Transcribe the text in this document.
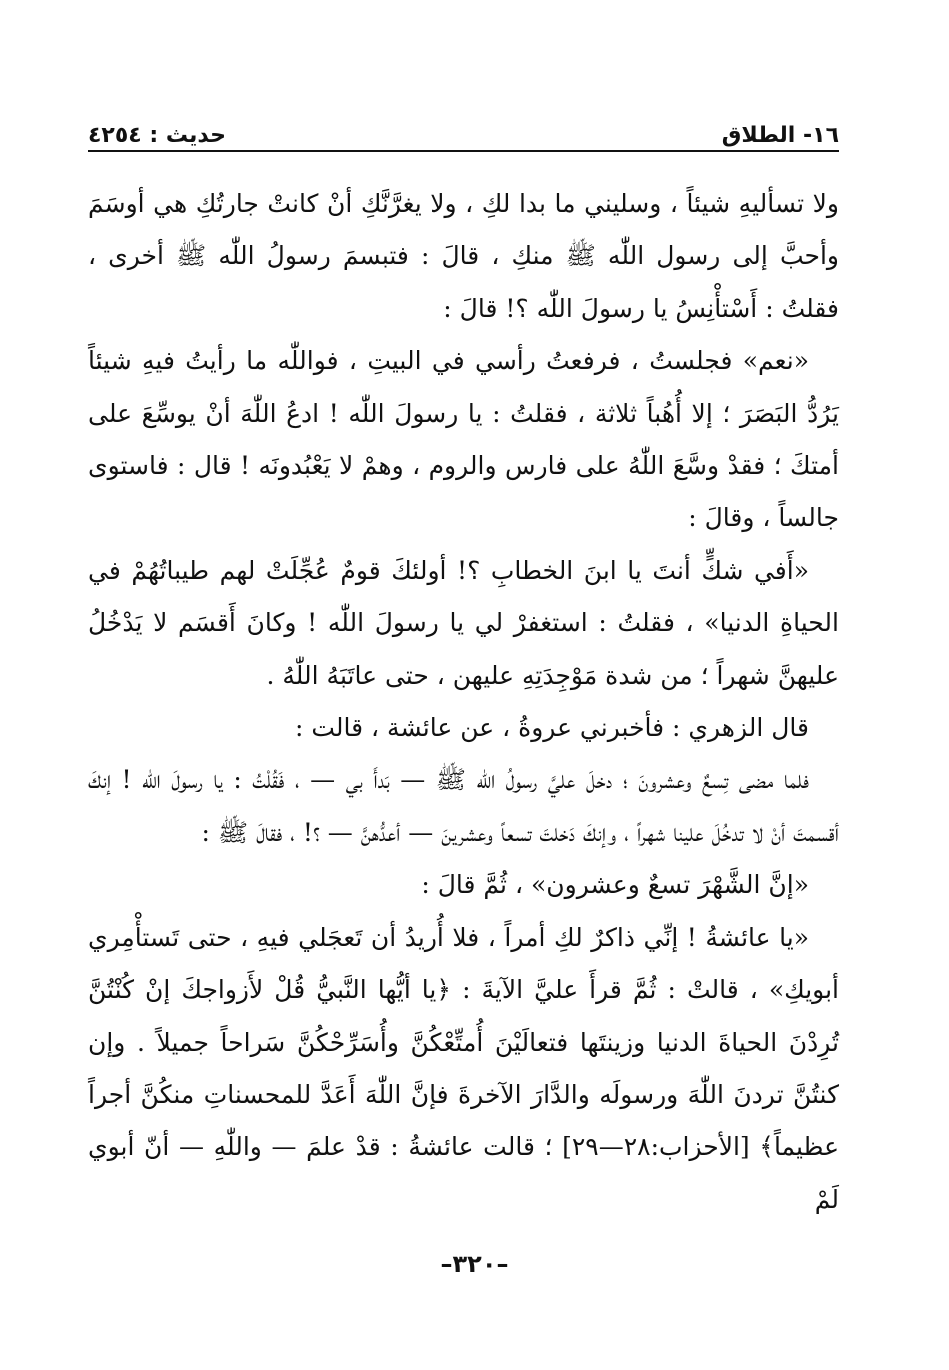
١٦- الطلاق
حديث : ٤٢٥٤

ولا تسأليهِ شيئاً ، وسليني ما بدا لكِ ، ولا يغرَّنَّكِ أنْ كانتْ جارتُكِ هي أوسَمَ وأحبَّ إلى رسول اللّٰه ﷺ منكِ ، قالَ : فتبسمَ رسولُ اللّٰه ﷺ أخرى ، فقلتُ : أَسْتأْنِسُ يا رسولَ اللّٰه ؟! قالَ :

«نعم» فجلستُ ، فرفعتُ رأسي في البيتِ ، فواللّٰه ما رأيتُ فيهِ شيئاً يَرُدُّ البَصَرَ ؛ إلا أُهُباً ثلاثة ، فقلتُ : يا رسولَ اللّٰه ! ادعُ اللّٰهَ أنْ يوسِّعَ على أمتكَ ؛ فقدْ وسَّعَ اللّٰهُ على فارس والروم ، وهمْ لا يَعْبُدونَه ! قال : فاستوى جالساً ، وقالَ :

«أَفي شكٍّ أنتَ يا ابنَ الخطابِ ؟! أولئكَ قومٌ عُجِّلَتْ لهم طيباتُهُمْ في الحياةِ الدنيا» ، فقلتُ : استغفرْ لي يا رسولَ اللّٰه ! وكانَ أَقسَم لا يَدْخُلُ عليهنَّ شهراً ؛ من شدة مَوْجِدَتِهِ عليهن ، حتى عاتَبَهُ اللّٰهُ .

قال الزهري : فأخبرني عروةُ ، عن عائشة ، قالت :

فلما مضى تِسعٌ وعشرونَ ؛ دخلَ عليَّ رسولُ اللّٰه ﷺ — بَدأَ بي — ، فَقُلْتُ : يا رسولَ اللّٰه ! إنكَ أقسمتَ أنْ لا تدخُلَ علينا شهراً ، وإنكَ دَخلتَ تسعاً وعشرينَ — أعدُّهنَّ — ؟! ، فقالَ ﷺ :

«إنَّ الشَّهْرَ تسعٌ وعشرون» ، ثُمَّ قالَ :

«يا عائشةُ ! إنِّي ذاكرٌ لكِ أمراً ، فلا أُريدُ أن تَعجَلي فيهِ ، حتى تَستأْمِري أبويكِ» ، قالتْ : ثُمَّ قرأَ عليَّ الآيةَ : ﴿يا أيُّها النَّبيُّ قُلْ لأَزواجكَ إنْ كُنْتُنَّ تُرِدْنَ الحياةَ الدنيا وزينتَها فتعالَيْنَ أُمتِّعْكُنَّ وأُسَرِّحْكُنَّ سَراحاً جميلاً . وإن كنتُنَّ تردنَ اللّٰهَ ورسولَه والدَّارَ الآخرةَ فإنَّ اللّٰهَ أَعَدَّ للمحسناتِ منكُنَّ أجراً عظيماً﴾ [الأحزاب:٢٨—٢٩] ؛ قالت عائشةُ : قدْ علمَ — واللّٰهِ — أنّ أبوي لَمْ

–٣٢٠–
